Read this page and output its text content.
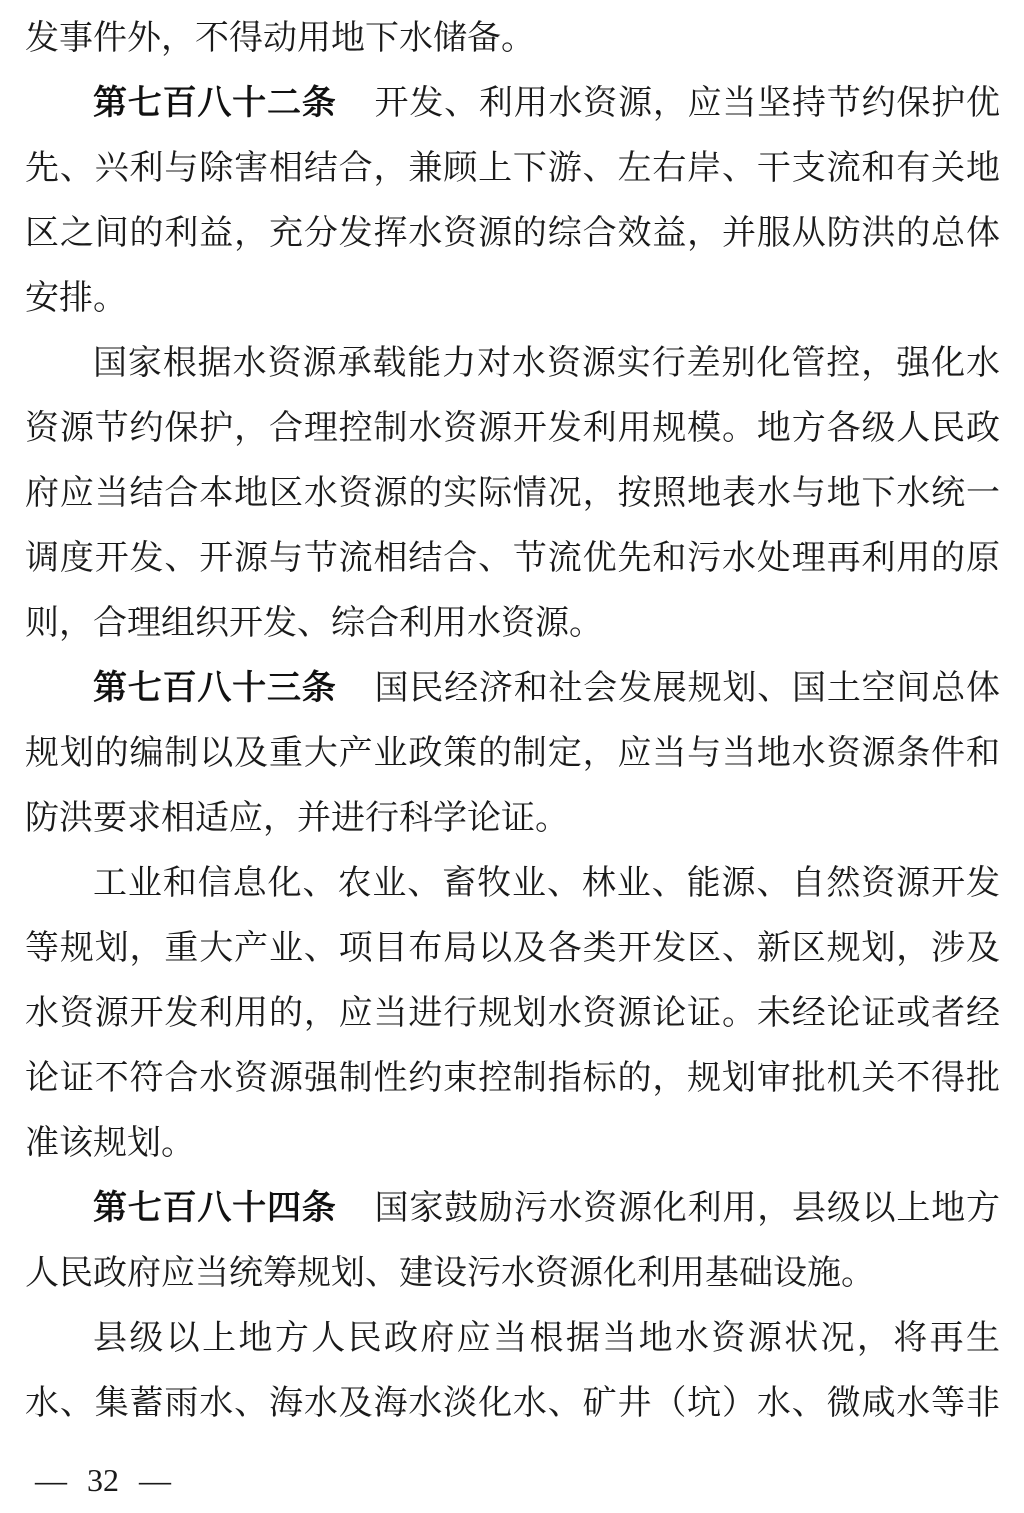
发事件外，不得动用地下水储备。

第七百八十二条 开发、利用水资源，应当坚持节约保护优
先、兴利与除害相结合，兼顾上下游、左右岸、干支流和有关地
区之间的利益，充分发挥水资源的综合效益，并服从防洪的总体
安排。

国家根据水资源承载能力对水资源实行差别化管控，强化水
资源节约保护，合理控制水资源开发利用规模。地方各级人民政
府应当结合本地区水资源的实际情况，按照地表水与地下水统一
调度开发、开源与节流相结合、节流优先和污水处理再利用的原
则，合理组织开发、综合利用水资源。

第七百八十三条 国民经济和社会发展规划、国土空间总体
规划的编制以及重大产业政策的制定，应当与当地水资源条件和
防洪要求相适应，并进行科学论证。

工业和信息化、农业、畜牧业、林业、能源、自然资源开发
等规划，重大产业、项目布局以及各类开发区、新区规划，涉及
水资源开发利用的，应当进行规划水资源论证。未经论证或者经
论证不符合水资源强制性约束控制指标的，规划审批机关不得批
准该规划。

第七百八十四条 国家鼓励污水资源化利用，县级以上地方
人民政府应当统筹规划、建设污水资源化利用基础设施。

县级以上地方人民政府应当根据当地水资源状况，将再生
水、集蓄雨水、海水及海水淡化水、矿井（坑）水、微咸水等非

— 32 —
